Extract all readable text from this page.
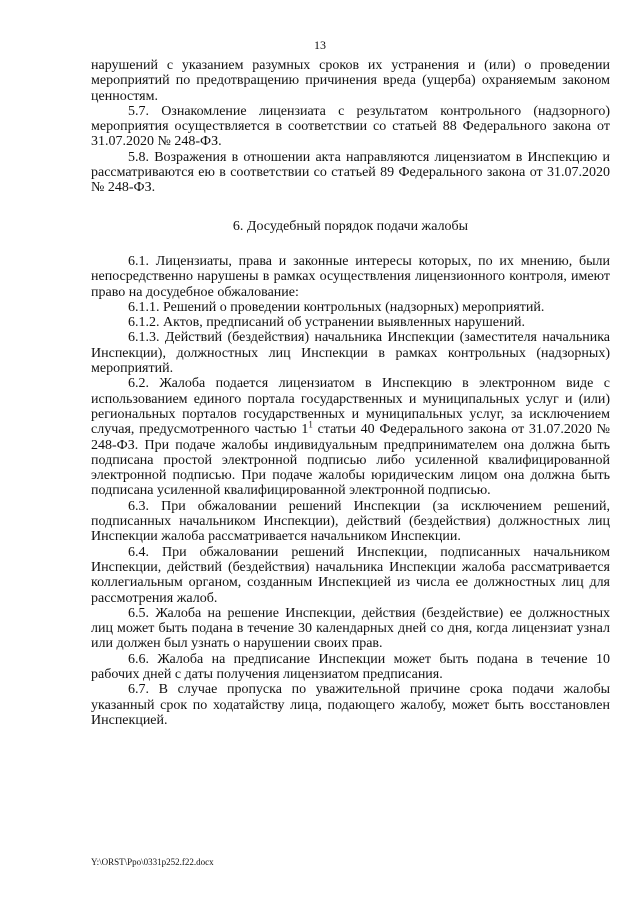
13

нарушений с указанием разумных сроков их устранения и (или) о проведении мероприятий по предотвращению причинения вреда (ущерба) охраняемым законом ценностям.

5.7. Ознакомление лицензиата с результатом контрольного (надзорного) мероприятия осуществляется в соответствии со статьей 88 Федерального закона от 31.07.2020 № 248-ФЗ.

5.8. Возражения в отношении акта направляются лицензиатом в Инспекцию и рассматриваются ею в соответствии со статьей 89 Федерального закона от 31.07.2020 № 248-ФЗ.

6. Досудебный порядок подачи жалобы

6.1. Лицензиаты, права и законные интересы которых, по их мнению, были непосредственно нарушены в рамках осуществления лицензионного контроля, имеют право на досудебное обжалование:

6.1.1. Решений о проведении контрольных (надзорных) мероприятий.

6.1.2. Актов, предписаний об устранении выявленных нарушений.

6.1.3. Действий (бездействия) начальника Инспекции (заместителя начальника Инспекции), должностных лиц Инспекции в рамках контрольных (надзорных) мероприятий.

6.2. Жалоба подается лицензиатом в Инспекцию в электронном виде с использованием единого портала государственных и муниципальных услуг и (или) региональных порталов государственных и муниципальных услуг, за исключением случая, предусмотренного частью $1^1$ статьи 40 Федерального закона от 31.07.2020 № 248-ФЗ. При подаче жалобы индивидуальным предпринимателем она должна быть подписана простой электронной подписью либо усиленной квалифицированной электронной подписью. При подаче жалобы юридическим лицом она должна быть подписана усиленной квалифицированной электронной подписью.

6.3. При обжаловании решений Инспекции (за исключением решений, подписанных начальником Инспекции), действий (бездействия) должностных лиц Инспекции жалоба рассматривается начальником Инспекции.

6.4. При обжаловании решений Инспекции, подписанных начальником Инспекции, действий (бездействия) начальника Инспекции жалоба рассматривается коллегиальным органом, созданным Инспекцией из числа ее должностных лиц для рассмотрения жалоб.

6.5. Жалоба на решение Инспекции, действия (бездействие) ее должностных лиц может быть подана в течение 30 календарных дней со дня, когда лицензиат узнал или должен был узнать о нарушении своих прав.

6.6. Жалоба на предписание Инспекции может быть подана в течение 10 рабочих дней с даты получения лицензиатом предписания.

6.7. В случае пропуска по уважительной причине срока подачи жалобы указанный срок по ходатайству лица, подающего жалобу, может быть восстановлен Инспекцией.

Y:\ORST\Ppo\0331p252.f22.docx
